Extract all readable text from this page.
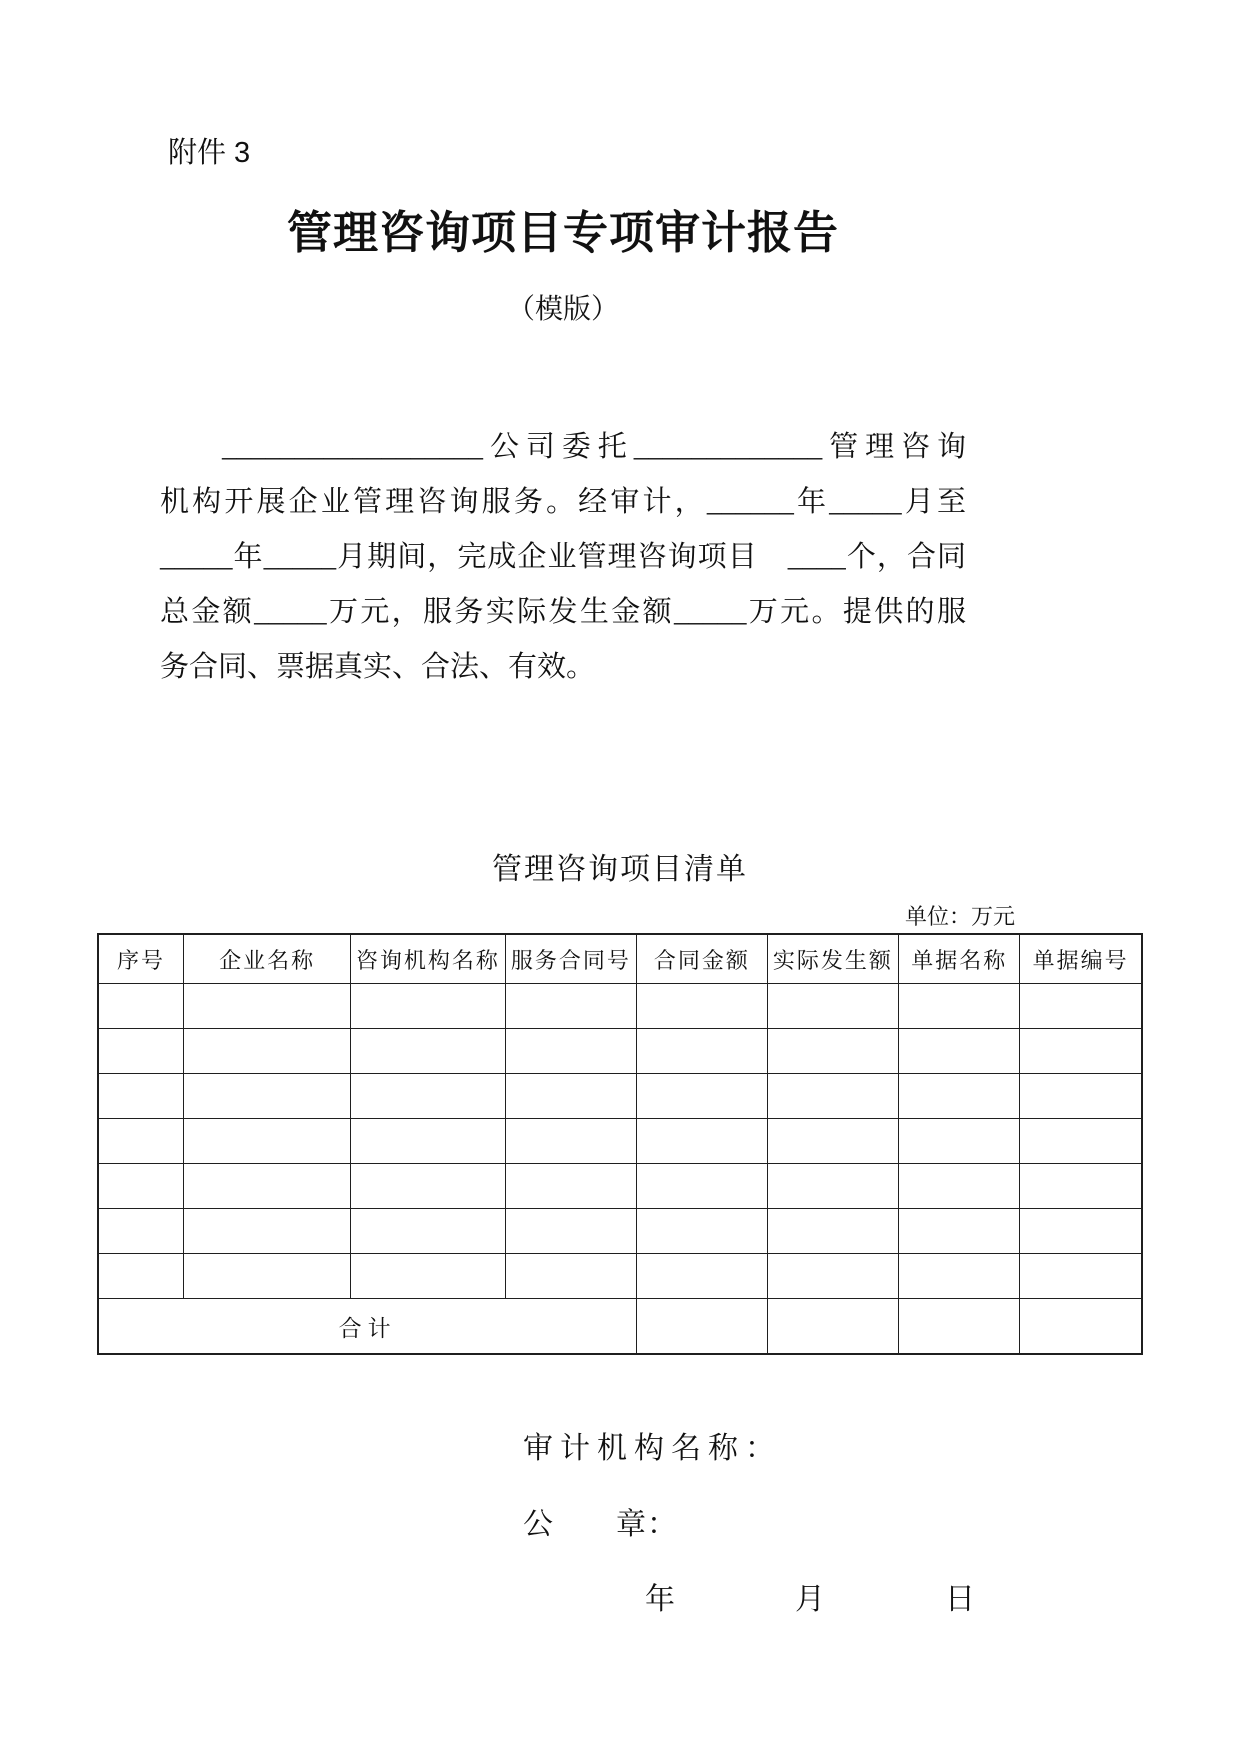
附件 3
管理咨询项目专项审计报告
（模版）
__________________公司委托_____________管理咨询
机构开展企业管理咨询服务。经审计，______年_____月至
_____年_____月期间，完成企业管理咨询项目　____个，合同
总金额_____万元，服务实际发生金额_____万元。提供的服
务合同、票据真实、合法、有效。
管理咨询项目清单
单位：万元
序号	企业名称	咨询机构名称	服务合同号	合同金额	实际发生额	单据名称	单据编号

合计							
审计机构名称：
公　　章：
年　　　　月　　　　日
